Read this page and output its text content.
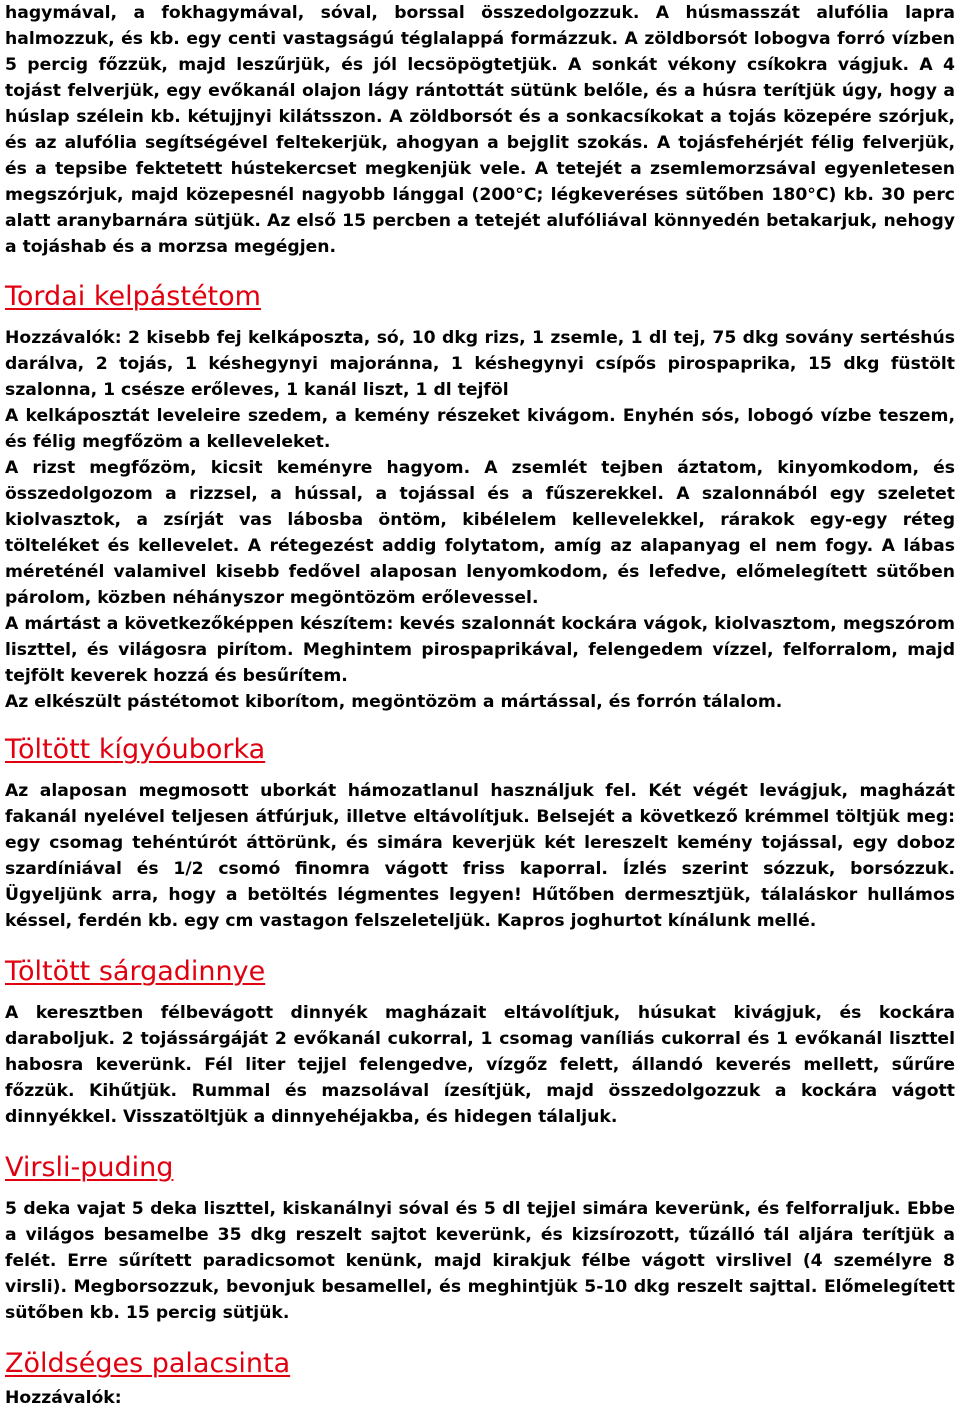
hagymával, a fokhagymával, sóval, borssal összedolgozzuk. A húsmasszát alufólia lapra halmozzuk, és kb. egy centi vastagságú téglalappá formázzuk. A zöldborsót lobogva forró vízben 5 percig főzzük, majd leszűrjük, és jól lecsöpögtetjük. A sonkát vékony csíkokra vágjuk. A 4 tojást felverjük, egy evőkanál olajon lágy rántottát sütünk belőle, és a húsra terítjük úgy, hogy a húslap szélein kb. kétujjnyi kilátsszon. A zöldborsót és a sonkacsíkokat a tojás közepére szórjuk, és az alufólia segítségével feltekerjük, ahogyan a bejglit szokás. A tojásfehérjét félig felverjük, és a tepsibe fektetett hústekercset megkenjük vele. A tetejét a zsemlemorzsával egyenletesen megszórjuk, majd közepesnél nagyobb lánggal (200°C; légkeveréses sütőben 180°C) kb. 30 perc alatt aranybarnára sütjük. Az első 15 percben a tetejét alufóliával könnyedén betakarjuk, nehogy a tojáshab és a morzsa megégjen.

Tordai kelpástétom

Hozzávalók: 2 kisebb fej kelkáposzta, só, 10 dkg rizs, 1 zsemle, 1 dl tej, 75 dkg sovány sertéshús darálva, 2 tojás, 1 késhegynyi majoránna, 1 késhegynyi csípős pirospaprika, 15 dkg füstölt szalonna, 1 csésze erőleves, 1 kanál liszt, 1 dl tejföl

A kelkáposztát leveleire szedem, a kemény részeket kivágom. Enyhén sós, lobogó vízbe teszem, és félig megfőzöm a kelleveleket.

A rizst megfőzöm, kicsit keményre hagyom. A zsemlét tejben áztatom, kinyomkodom, és összedolgozom a rizzsel, a hússal, a tojással és a fűszerekkel. A szalonnából egy szeletet kiolvasztok, a zsírját vas lábosba öntöm, kibélelem kellevelekkel, rárakok egy-egy réteg tölteléket és kellevelet. A rétegezést addig folytatom, amíg az alapanyag el nem fogy. A lábas méreténél valamivel kisebb fedővel alaposan lenyomkodom, és lefedve, előmelegített sütőben párolom, közben néhányszor megöntözöm erőlevessel.

A mártást a következőképpen készítem: kevés szalonnát kockára vágok, kiolvasztom, megszórom liszttel, és világosra pirítom. Meghintem pirospaprikával, felengedem vízzel, felforralom, majd tejfölt keverek hozzá és besűrítem.

Az elkészült pástétomot kiborítom, megöntözöm a mártással, és forrón tálalom.

Töltött kígyóuborka

Az alaposan megmosott uborkát hámozatlanul használjuk fel. Két végét levágjuk, magházát fakanál nyelével teljesen átfúrjuk, illetve eltávolítjuk. Belsejét a következő krémmel töltjük meg: egy csomag tehéntúrót áttörünk, és simára keverjük két lereszelt kemény tojással, egy doboz szardíniával és 1/2 csomó finomra vágott friss kaporral. Ízlés szerint sózzuk, borsózzuk. Ügyeljünk arra, hogy a betöltés légmentes legyen! Hűtőben dermesztjük, tálaláskor hullámos késsel, ferdén kb. egy cm vastagon felszeleteljük. Kapros joghurtot kínálunk mellé.

Töltött sárgadinnye

A keresztben félbevágott dinnyék magházait eltávolítjuk, húsukat kivágjuk, és kockára daraboljuk. 2 tojássárgáját 2 evőkanál cukorral, 1 csomag vaníliás cukorral és 1 evőkanál liszttel habosra keverünk. Fél liter tejjel felengedve, vízgőz felett, állandó keverés mellett, sűrűre főzzük. Kihűtjük. Rummal és mazsolával ízesítjük, majd összedolgozzuk a kockára vágott dinnyékkel. Visszatöltjük a dinnyehéjakba, és hidegen tálaljuk.

Virsli-puding

5 deka vajat 5 deka liszttel, kiskanálnyi sóval és 5 dl tejjel simára keverünk, és felforraljuk. Ebbe a világos besamelbe 35 dkg reszelt sajtot keverünk, és kizsírozott, tűzálló tál aljára terítjük a felét. Erre sűrített paradicsomot kenünk, majd kirakjuk félbe vágott virslivel (4 személyre 8 virsli). Megborsozzuk, bevonjuk besamellel, és meghintjük 5-10 dkg reszelt sajttal. Előmelegített sütőben kb. 15 percig sütjük.

Zöldséges palacsinta

Hozzávalók:
